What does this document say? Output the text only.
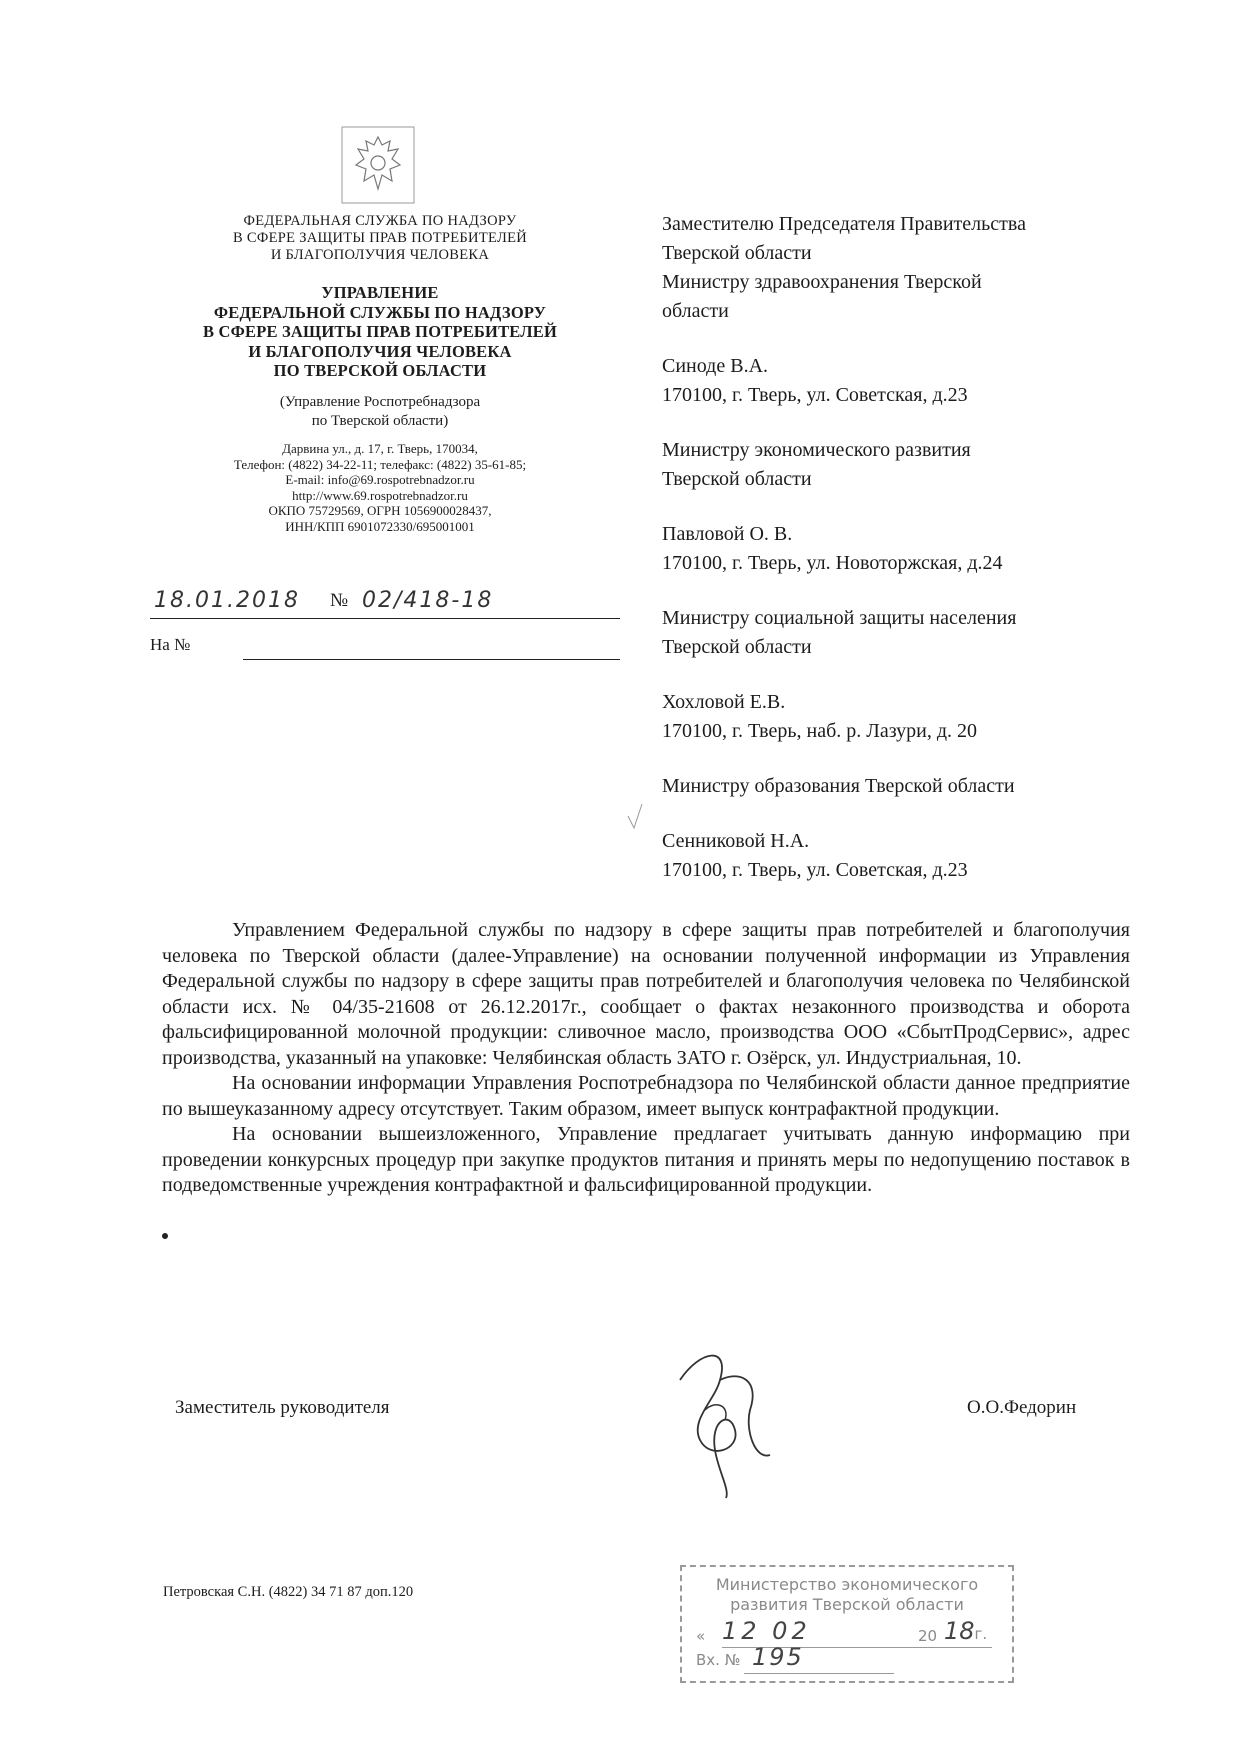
ФЕДЕРАЛЬНАЯ СЛУЖБА ПО НАДЗОРУ
В СФЕРЕ ЗАЩИТЫ ПРАВ ПОТРЕБИТЕЛЕЙ
И БЛАГОПОЛУЧИЯ ЧЕЛОВЕКА
УПРАВЛЕНИЕ
ФЕДЕРАЛЬНОЙ СЛУЖБЫ ПО НАДЗОРУ
В СФЕРЕ ЗАЩИТЫ ПРАВ ПОТРЕБИТЕЛЕЙ
И БЛАГОПОЛУЧИЯ ЧЕЛОВЕКА
ПО ТВЕРСКОЙ ОБЛАСТИ
(Управление Роспотребнадзора
по Тверской области)
Дарвина ул., д. 17, г. Тверь, 170034,
Телефон: (4822) 34-22-11; телефакс: (4822) 35-61-85;
E-mail: info@69.rospotrebnadzor.ru
http://www.69.rospotrebnadzor.ru
ОКПО 75729569, ОГРН 1056900028437,
ИНН/КПП 6901072330/695001001
18.01.2018 № 02/418-18
На №

Заместителю Председателя Правительства

Тверской области

Министру здравоохранения Тверской

области

Синоде В.А.

170100, г. Тверь, ул. Советская, д.23

Министру экономического развития

Тверской области

Павловой О. В.

170100, г. Тверь, ул. Новоторжская, д.24

Министру социальной защиты населения

Тверской области

Хохловой Е.В.

170100, г. Тверь, наб. р. Лазури, д. 20

Министру образования Тверской области

Сенниковой Н.А.

170100, г. Тверь, ул. Советская, д.23

Управлением Федеральной службы по надзору в сфере защиты прав потребителей и благополучия человека по Тверской области (далее-Управление) на основании полученной информации из Управления Федеральной службы по надзору в сфере защиты прав потребителей и благополучия человека по Челябинской области исх. № 04/35-21608 от 26.12.2017г., сообщает о фактах незаконного производства и оборота фальсифицированной молочной продукции: сливочное масло, производства ООО «СбытПродСервис», адрес производства, указанный на упаковке: Челябинская область ЗАТО г. Озёрск, ул. Индустриальная, 10.

На основании информации Управления Роспотребнадзора по Челябинской области данное предприятие по вышеуказанному адресу отсутствует. Таким образом, имеет выпуск контрафактной продукции.

На основании вышеизложенного, Управление предлагает учитывать данную информацию при проведении конкурсных процедур при закупке продуктов питания и принять меры по недопущению поставок в подведомственные учреждения контрафактной и фальсифицированной продукции.

Заместитель руководителя	О.О.Федорин
Петровская С.Н. (4822) 34 71 87 доп.120	Министерство экономического
развития Тверской области
« 12 02	20 18г.
Вх. № 195
